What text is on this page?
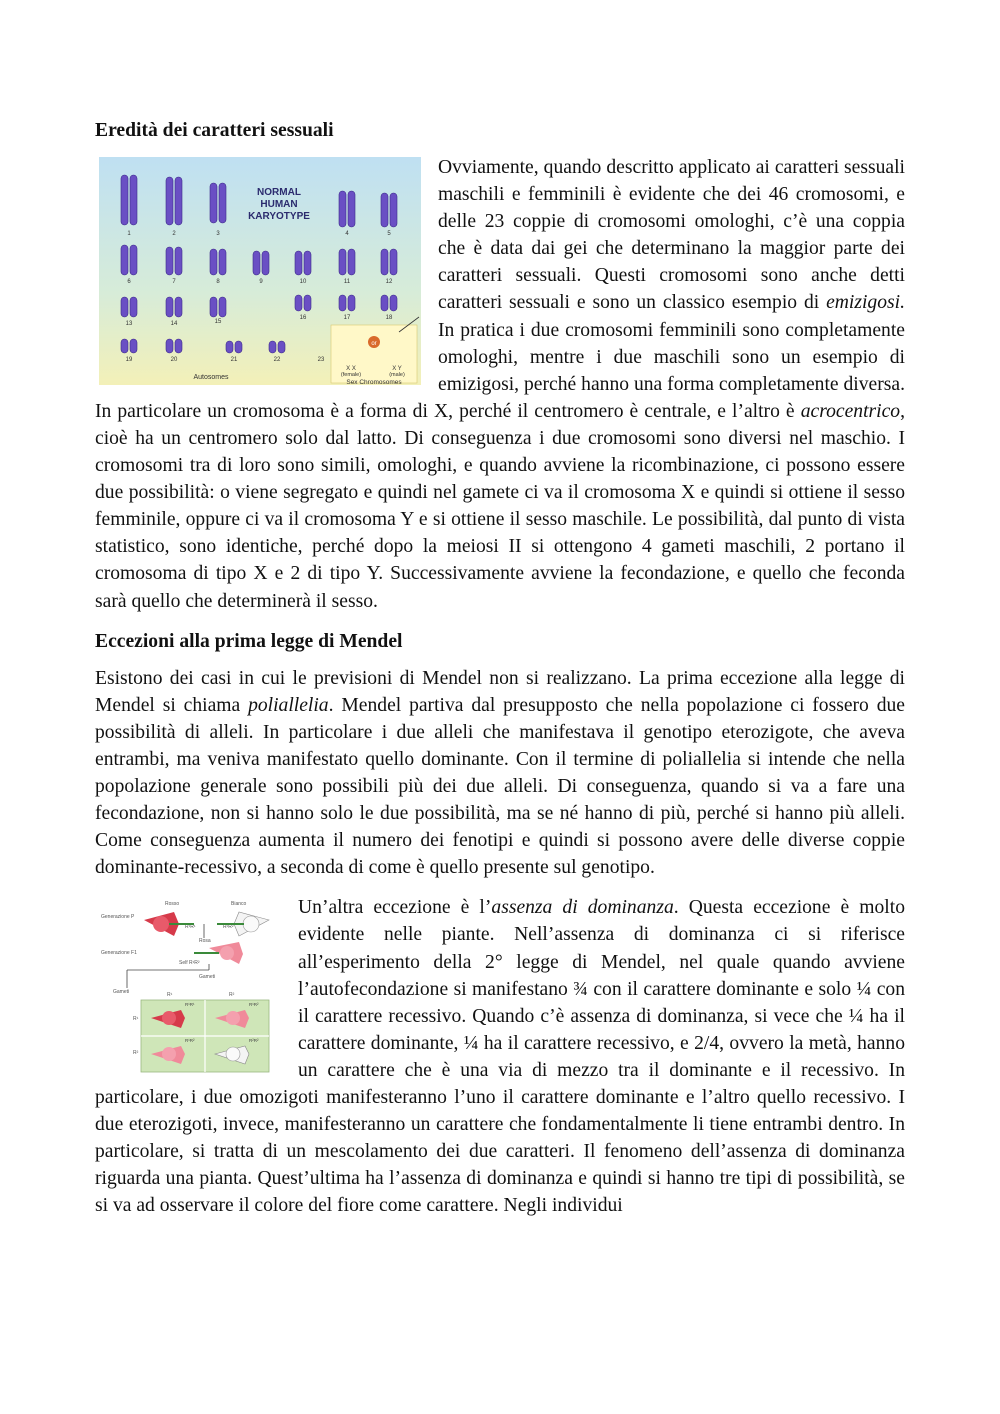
Eredità dei caratteri sessuali

1	2	3	4	5
6	7	8	9	10	11	12
13	14	15
16	17	18
19	20	21	22	23
NORMAL
HUMAN
KARYOTYPE
or
X X	X Y
(female)	(male)
Sex Chromosomes
Autosomes
Ovviamente, quando descritto applicato ai caratteri sessuali maschili e femminili è evidente che dei 46 cromosomi, e delle 23 coppie di cromosomi omologhi, c’è una coppia che è data dai gei che determinano la maggior parte dei caratteri sessuali. Questi cromosomi sono anche detti caratteri sessuali e sono un classico esempio di emizigosi. In pratica i due cromosomi femminili sono completamente omologhi, mentre i due maschili sono un esempio di emizigosi, perché hanno una forma completamente diversa. In particolare un cromosoma è a forma di X, perché il centromero è centrale, e l’altro è acrocentrico, cioè ha un centromero solo dal latto. Di conseguenza i due cromosomi sono diversi nel maschio. I cromosomi tra di loro sono simili, omologhi, e quando avviene la ricombinazione, ci possono essere due possibilità: o viene segregato e quindi nel gamete ci va il cromosoma X e quindi si ottiene il sesso femminile, oppure ci va il cromosoma Y e si ottiene il sesso maschile. Le possibilità, dal punto di vista statistico, sono identiche, perché dopo la meiosi II si ottengono 4 gameti maschili, 2 portano il cromosoma di tipo X e 2 di tipo Y. Successivamente avviene la fecondazione, e quello che feconda sarà quello che determinerà il sesso.

Eccezioni alla prima legge di Mendel

Esistono dei casi in cui le previsioni di Mendel non si realizzano. La prima eccezione alla legge di Mendel si chiama poliallelia. Mendel partiva dal presupposto che nella popolazione ci fossero due possibilità di alleli. In particolare i due alleli che manifestava il genotipo eterozigote, che aveva entrambi, ma veniva manifestato quello dominante. Con il termine di poliallelia si intende che nella popolazione generale sono possibili più dei due alleli. Di conseguenza, quando si va a fare una fecondazione, non si hanno solo le due possibilità, ma se né hanno di più, perché si hanno più alleli. Come conseguenza aumenta il numero dei fenotipi e quindi si possono avere delle diverse coppie dominante-recessivo, a seconda di come è quello presente sul genotipo.

Generazione P
Generazione F1
Rosso	Bianco
Rosa
Gameti
R¹R¹	R²R²
Self R¹R²
Gameti	R¹	R²
R¹
R²
R¹R¹	R¹R²
R¹R²	R²R²
Un’altra eccezione è l’assenza di dominanza. Questa eccezione è molto evidente nelle piante. Nell’assenza di dominanza ci si riferisce all’esperimento della 2° legge di Mendel, nel quale quando avviene l’autofecondazione si manifestano ¾ con il carattere dominante e solo ¼ con il carattere recessivo. Quando c’è assenza di dominanza, si vece che ¼ ha il carattere dominante, ¼ ha il carattere recessivo, e 2/4, ovvero la metà, hanno un carattere che è una via di mezzo tra il dominante e il recessivo. In particolare, i due omozigoti manifesteranno l’uno il carattere dominante e l’altro quello recessivo. I due eterozigoti, invece, manifesteranno un carattere che fondamentalmente li tiene entrambi dentro. In particolare, si tratta di un mescolamento dei due caratteri. Il fenomeno dell’assenza di dominanza riguarda una pianta. Quest’ultima ha l’assenza di dominanza e quindi si hanno tre tipi di possibilità, se si va ad osservare il colore del fiore come carattere. Negli individui
